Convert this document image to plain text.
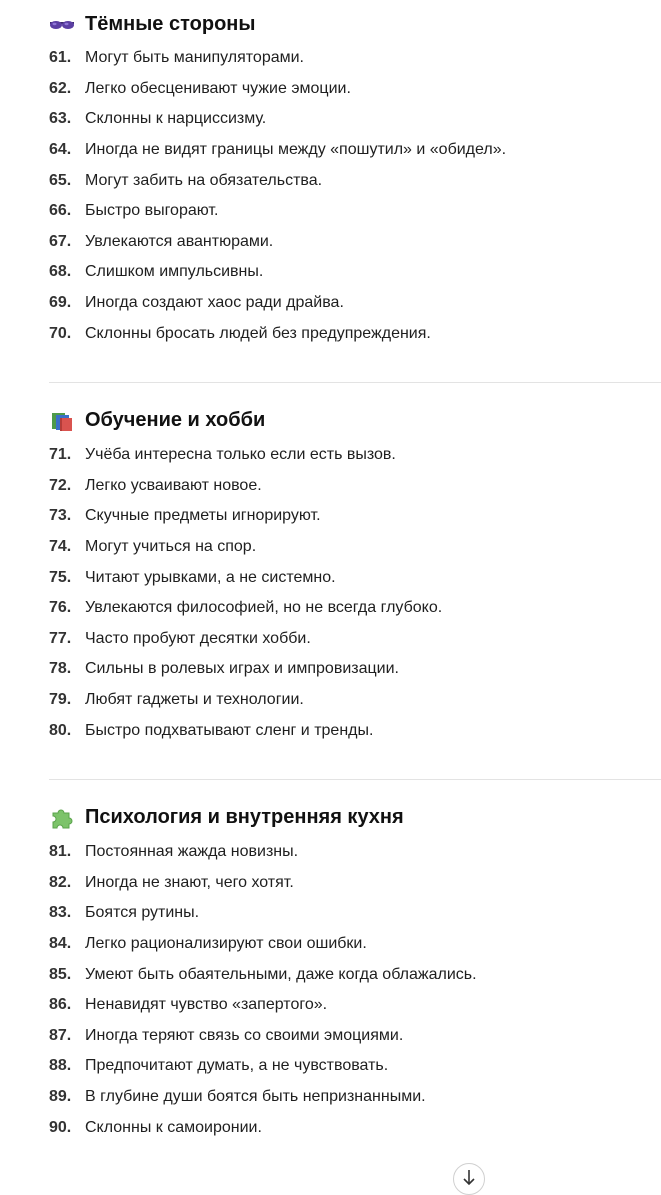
Тёмные стороны
61. Могут быть манипуляторами.
62. Легко обесценивают чужие эмоции.
63. Склонны к нарциссизму.
64. Иногда не видят границы между «пошутил» и «обидел».
65. Могут забить на обязательства.
66. Быстро выгорают.
67. Увлекаются авантюрами.
68. Слишком импульсивны.
69. Иногда создают хаос ради драйва.
70. Склонны бросать людей без предупреждения.
Обучение и хобби
71. Учёба интересна только если есть вызов.
72. Легко усваивают новое.
73. Скучные предметы игнорируют.
74. Могут учиться на спор.
75. Читают урывками, а не системно.
76. Увлекаются философией, но не всегда глубоко.
77. Часто пробуют десятки хобби.
78. Сильны в ролевых играх и импровизации.
79. Любят гаджеты и технологии.
80. Быстро подхватывают сленг и тренды.
Психология и внутренняя кухня
81. Постоянная жажда новизны.
82. Иногда не знают, чего хотят.
83. Боятся рутины.
84. Легко рационализируют свои ошибки.
85. Умеют быть обаятельными, даже когда облажались.
86. Ненавидят чувство «запертого».
87. Иногда теряют связь со своими эмоциями.
88. Предпочитают думать, а не чувствовать.
89. В глубине души боятся быть непризнанными.
90. Склонны к самоиронии.
